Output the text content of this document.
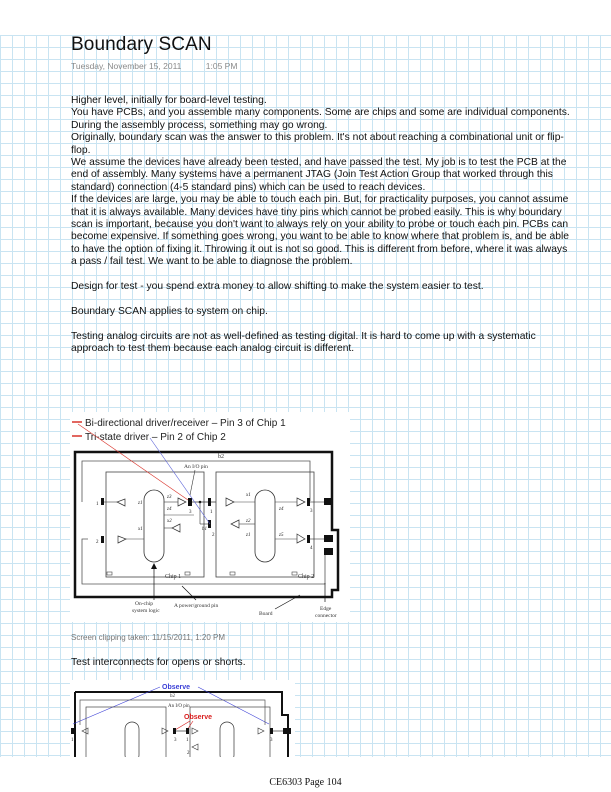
Boundary SCAN
Tuesday, November 15, 2011	1:05 PM

Higher level, initially for board-level testing.

You have PCBs, and you assemble many components. Some are chips and some are individual components. During the assembly process, something may go wrong.

Originally, boundary scan was the answer to this problem. It's not about reaching a combinational unit or flip-flop.

We assume the devices have already been tested, and have passed the test. My job is to test the PCB at the end of assembly. Many systems have a permanent JTAG (Join Test Action Group that worked through this standard) connection (4-5 standard pins) which can be used to reach devices.

If the devices are large, you may be able to touch each pin. But, for practicality purposes, you cannot assume that it is always available. Many devices have tiny pins which cannot be probed easily. This is why boundary scan is important, because you don't want to always rely on your ability to probe or touch each pin. PCBs can become expensive. If something goes wrong, you want to be able to know where that problem is, and be able to have the option of fixing it. Throwing it out is not so good. This is different from before, where it was always a pass / fail test. We want to be able to diagnose the problem.

Design for test - you spend extra money to allow shifting to make the system easier to test.

Boundary SCAN applies to system on chip.

Testing analog circuits are not as well-defined as testing digital. It is hard to come up with a systematic approach to test them because each analog circuit is different.

Bi-directional driver/receiver – Pin 3 of Chip 1
Tri-state driver – Pin 2 of Chip 2
b2
Chip 1
1
2
3
z1
z3
z4
x1
x2
An I/O pin
1
2
b1
Chip 2
3
4
x1
z4
z2
z1	z5
On-chip
system logic
A power/ground pin
Board
Edge
connector
Screen clipping taken: 11/15/2011, 1:20 PM
Test interconnects for opens or shorts.
Observe
b2
An I/O pin
Observe
1	3 1
2
3
CE6303 Page 104
